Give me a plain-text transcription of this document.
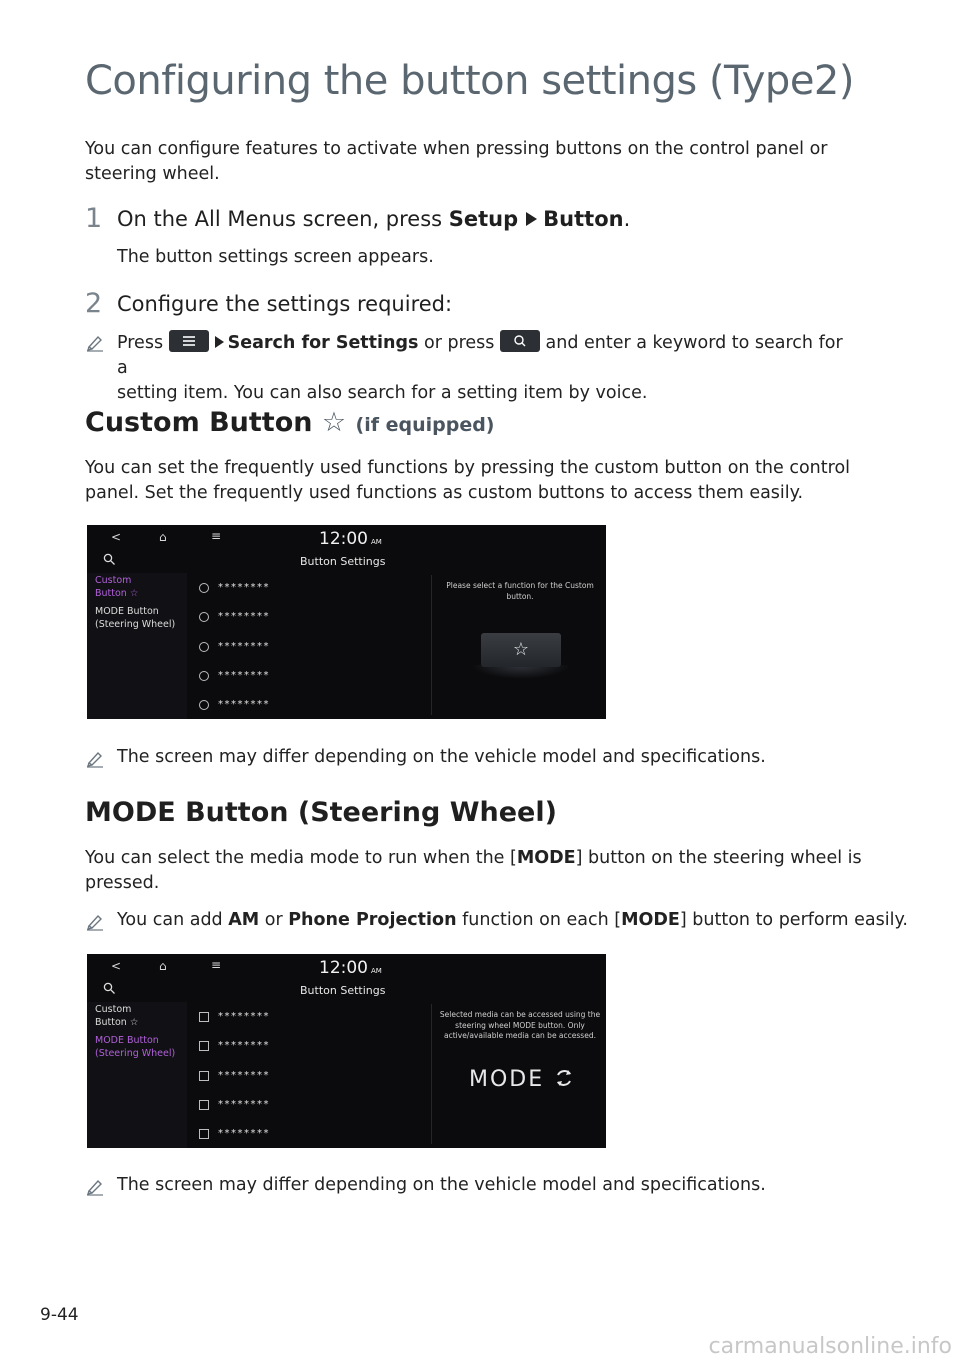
Configuring the button settings (Type2)

You can configure features to activate when pressing buttons on the control panel or steering wheel.

1 On the All Menus screen, press Setup Button.

The button settings screen appears.

2 Configure the settings required:
Press	Search for Settings or press  and enter a keyword to search for a
setting item. You can also search for a setting item by voice.
Custom Button ☆ (if equipped)

You can set the frequently used functions by pressing the custom button on the control

panel. Set the frequently used functions as custom buttons to access them easily.

<	⌂	≡	12:00 AM
Button Settings
Custom Button ☆
MODE Button (Steering Wheel)
********
********
********
********
********
Please select a function for the Custom button.
☆

The screen may differ depending on the vehicle model and specifications.

MODE Button (Steering Wheel)

You can select the media mode to run when the [MODE] button on the steering wheel is

pressed.

You can add AM or Phone Projection function on each [MODE] button to perform easily.

<	⌂	≡	12:00 AM
Button Settings
Custom Button ☆
MODE Button (Steering Wheel)
********
********
********
********
********
Selected media can be accessed using the steering wheel MODE button. Only active/available media can be accessed.
MODE

The screen may differ depending on the vehicle model and specifications.

9-44
carmanualsonline.info
